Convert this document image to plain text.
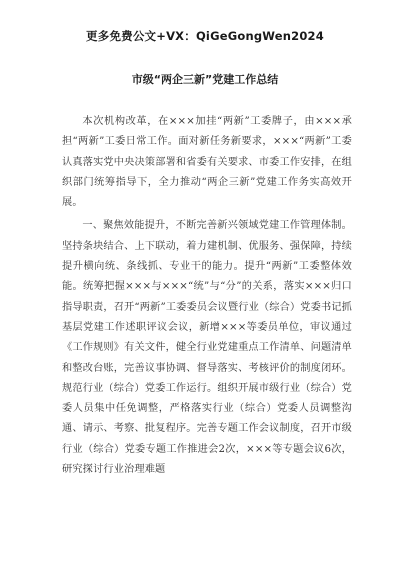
更多免费公文+VX：QiGeGongWen2024
市级“两企三新”党建工作总结

本次机构改革，在×××加挂“两新”工委牌子，由×××承担“两新”工委日常工作。面对新任务新要求，×××“两新”工委认真落实党中央决策部署和省委有关要求、市委工作安排，在组织部门统筹指导下，全力推动“两企三新”党建工作务实高效开展。

一、聚焦效能提升，不断完善新兴领域党建工作管理体制。坚持条块结合、上下联动，着力建机制、优服务、强保障，持续提升横向统、条线抓、专业干的能力。提升“两新”工委整体效能。统筹把握×××与×××“统”与“分”的关系，落实×××归口指导职责，召开“两新”工委委员会议暨行业（综合）党委书记抓基层党建工作述职评议会议，新增×××等委员单位，审议通过《工作规则》有关文件，健全行业党建重点工作清单、问题清单和整改台账，完善议事协调、督导落实、考核评价的制度闭环。规范行业（综合）党委工作运行。组织开展市级行业（综合）党委人员集中任免调整，严格落实行业（综合）党委人员调整沟通、请示、考察、批复程序。完善专题工作会议制度，召开市级行业（综合）党委专题工作推进会2次，×××等专题会议6次，研究探讨行业治理难题
